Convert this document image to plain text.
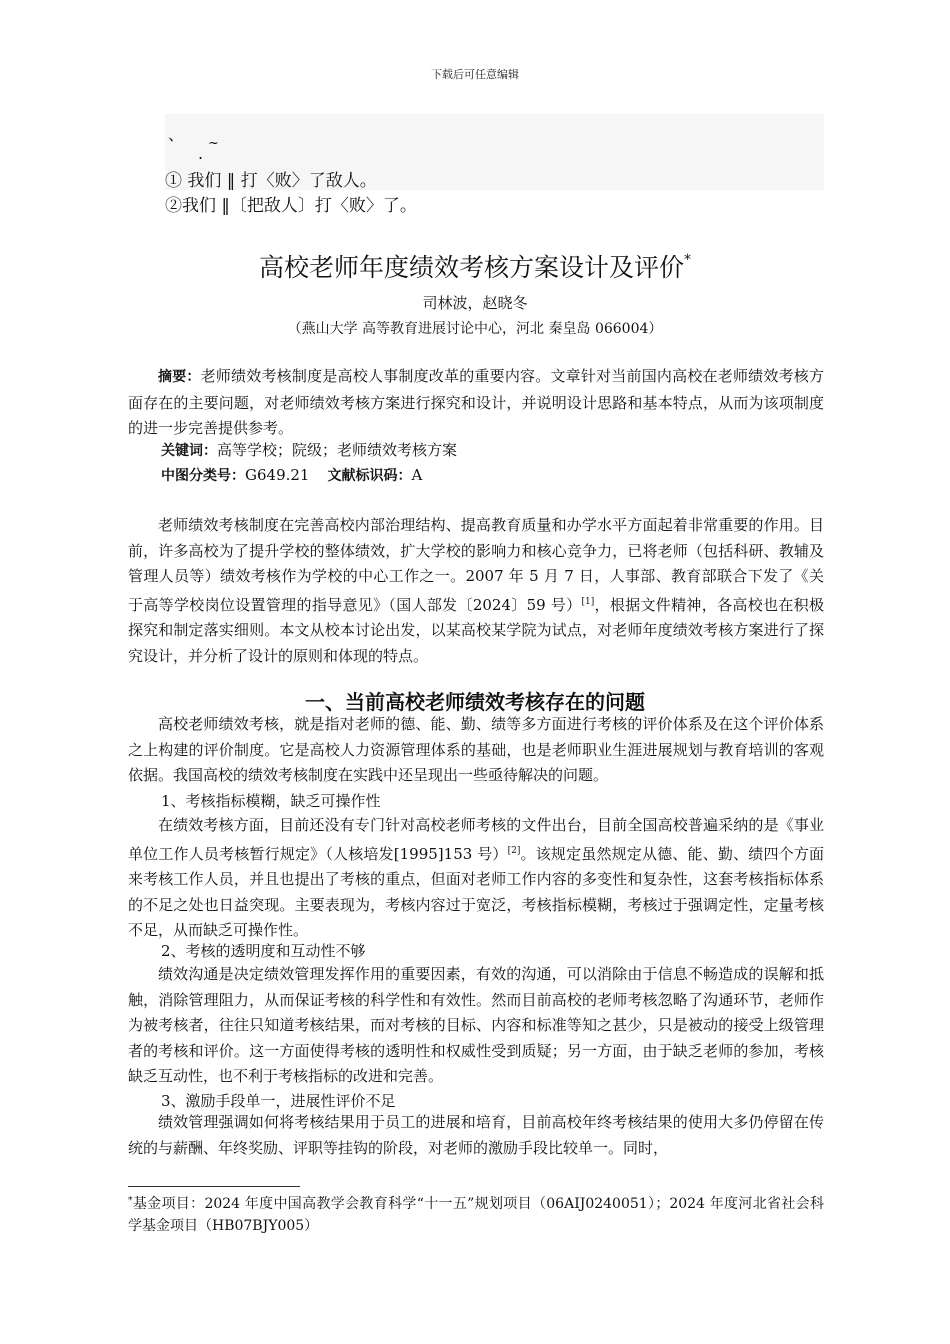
下载后可任意编辑
、 ~
.
① 我们 ‖ 打〈败〉了敌人。
②我们 ‖〔把敌人〕打〈败〉了。
高校老师年度绩效考核方案设计及评价*
司林波，赵晓冬
（燕山大学 高等教育进展讨论中心，河北 秦皇岛 066004）

摘要：老师绩效考核制度是高校人事制度改革的重要内容。文章针对当前国内高校在老师绩效考核方面存在的主要问题，对老师绩效考核方案进行探究和设计，并说明设计思路和基本特点，从而为该项制度的进一步完善提供参考。

关键词：高等学校；院级；老师绩效考核方案
中图分类号：G649.21 文献标识码：A

老师绩效考核制度在完善高校内部治理结构、提高教育质量和办学水平方面起着非常重要的作用。目前，许多高校为了提升学校的整体绩效，扩大学校的影响力和核心竞争力，已将老师（包括科研、教辅及管理人员等）绩效考核作为学校的中心工作之一。2007 年 5 月 7 日，人事部、教育部联合下发了《关于高等学校岗位设置管理的指导意见》（国人部发〔2024〕59 号）[1]，根据文件精神，各高校也在积极探究和制定落实细则。本文从校本讨论出发，以某高校某学院为试点，对老师年度绩效考核方案进行了探究设计，并分析了设计的原则和体现的特点。

一、当前高校老师绩效考核存在的问题

高校老师绩效考核，就是指对老师的德、能、勤、绩等多方面进行考核的评价体系及在这个评价体系之上构建的评价制度。它是高校人力资源管理体系的基础，也是老师职业生涯进展规划与教育培训的客观依据。我国高校的绩效考核制度在实践中还呈现出一些亟待解决的问题。

1、考核指标模糊，缺乏可操作性

在绩效考核方面，目前还没有专门针对高校老师考核的文件出台，目前全国高校普遍采纳的是《事业单位工作人员考核暂行规定》（人核培发[1995]153 号）[2]。该规定虽然规定从德、能、勤、绩四个方面来考核工作人员，并且也提出了考核的重点，但面对老师工作内容的多变性和复杂性，这套考核指标体系的不足之处也日益突现。主要表现为，考核内容过于宽泛，考核指标模糊，考核过于强调定性，定量考核不足，从而缺乏可操作性。

2、考核的透明度和互动性不够

绩效沟通是决定绩效管理发挥作用的重要因素，有效的沟通，可以消除由于信息不畅造成的误解和抵触，消除管理阻力，从而保证考核的科学性和有效性。然而目前高校的老师考核忽略了沟通环节，老师作为被考核者，往往只知道考核结果，而对考核的目标、内容和标准等知之甚少，只是被动的接受上级管理者的考核和评价。这一方面使得考核的透明性和权威性受到质疑；另一方面，由于缺乏老师的参加，考核缺乏互动性，也不利于考核指标的改进和完善。

3、激励手段单一，进展性评价不足

绩效管理强调如何将考核结果用于员工的进展和培育，目前高校年终考核结果的使用大多仍停留在传统的与薪酬、年终奖励、评职等挂钩的阶段，对老师的激励手段比较单一。同时，

*基金项目：2024 年度中国高教学会教育科学“十一五”规划项目（06AIJ0240051）；2024 年度河北省社会科学基金项目（HB07BJY005）
